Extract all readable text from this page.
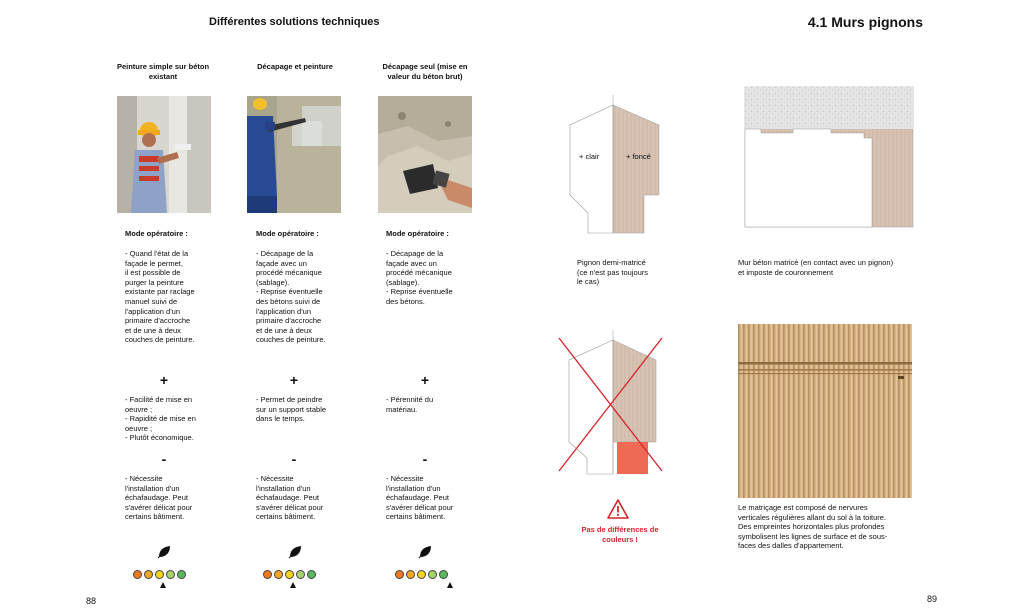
Différentes solutions techniques	4.1 Murs pignons
88	89
Peinture simple sur béton existant
Mode opératoire :
- Quand l'état de la
façade le permet,
il est possible de
purger la peinture
existante par raclage
manuel suivi de
l'application d'un
primaire d'accroche
et de une à deux
couches de peinture.
+
- Facilité de mise en
oeuvre ;
- Rapidité de mise en
oeuvre ;
- Plutôt économique.
-
- Nécessite
l'installation d'un
échafaudage. Peut
s'avérer délicat pour
certains bâtiment.
Décapage et peinture
Mode opératoire :
- Décapage de la
façade avec un
procédé mécanique
(sablage).
- Reprise éventuelle
des bétons suivi de
l'application d'un
primaire d'accroche
et de une à deux
couches de peinture.
+
- Permet de peindre
sur un support stable
dans le temps.
-
- Nécessite
l'installation d'un
échafaudage. Peut
s'avérer délicat pour
certains bâtiment.
Décapage seul (mise en valeur du béton brut)
Mode opératoire :
- Décapage de la
façade avec un
procédé mécanique
(sablage).
- Reprise éventuelle
des bétons.
+
- Pérennité du
matériau.
-
- Nécessite
l'installation d'un
échafaudage. Peut
s'avérer délicat pour
certains bâtiment.
+ clair	+ foncé
Pignon demi-matricé
(ce n'est pas toujours
le cas)
Mur béton matricé (en contact avec un pignon)
et imposte de couronnement
Pas de différences de
couleurs !
Le matriçage est composé de nervures
verticales régulières allant du sol à la toiture.
Des empreintes horizontales plus profondes
symbolisent les lignes de surface et de sous-
faces des dalles d'appartement.
